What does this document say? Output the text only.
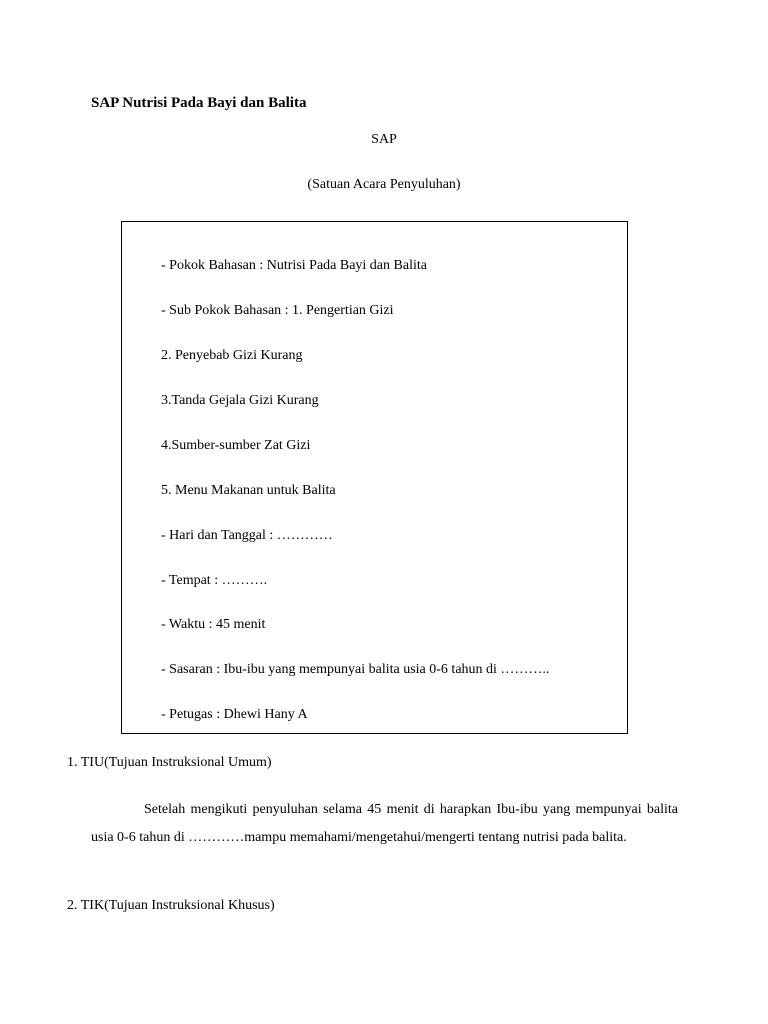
SAP Nutrisi Pada Bayi dan Balita
SAP
(Satuan Acara Penyuluhan)
- Pokok Bahasan : Nutrisi Pada Bayi dan Balita
- Sub Pokok Bahasan : 1. Pengertian Gizi
2. Penyebab Gizi Kurang
3.Tanda Gejala Gizi Kurang
4.Sumber-sumber Zat Gizi
5. Menu Makanan untuk Balita
- Hari dan Tanggal : …………
- Tempat : ……….
- Waktu : 45 menit
- Sasaran : Ibu-ibu yang mempunyai balita usia 0-6 tahun di ………..
- Petugas : Dhewi Hany A
1. TIU(Tujuan Instruksional Umum)
Setelah mengikuti penyuluhan selama 45 menit di harapkan Ibu-ibu yang mempunyai balita usia 0-6 tahun di …………mampu memahami/mengetahui/mengerti tentang nutrisi pada balita.
2. TIK(Tujuan Instruksional Khusus)
